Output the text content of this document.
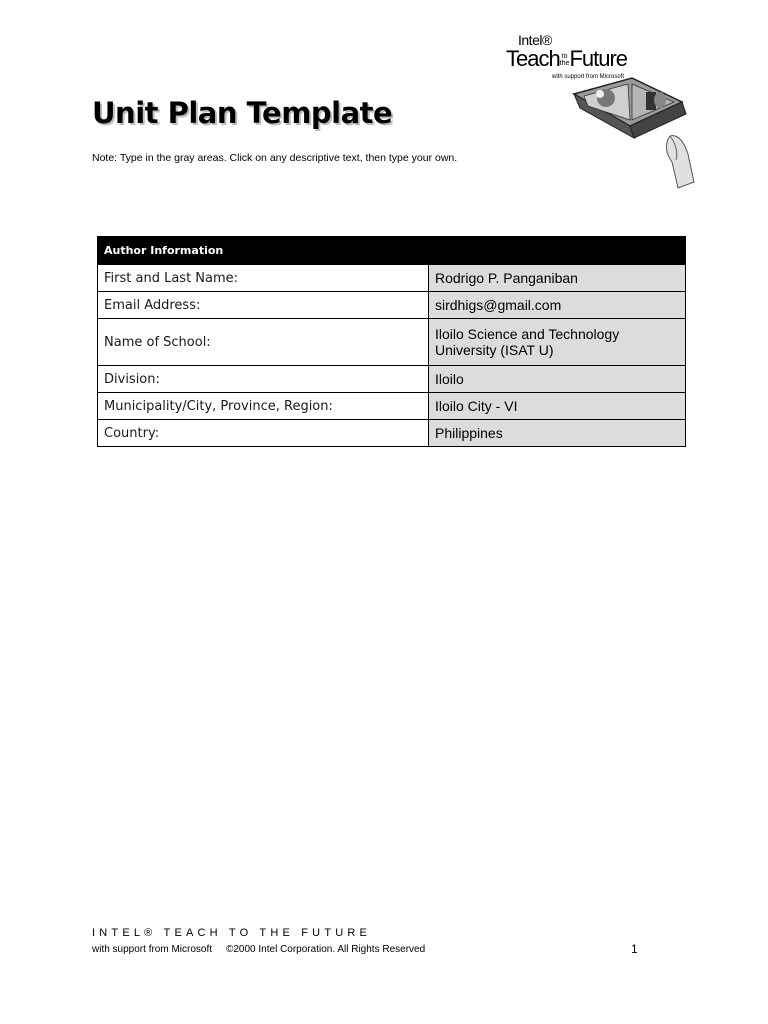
Intel®
Teach to
theFuture
with support from Microsoft
Unit Plan Template
Note: Type in the gray areas. Click on any descriptive text, then type your own.
Author Information	
First and Last Name:	Rodrigo P. Panganiban
Email Address:	sirdhigs@gmail.com
Name of School:	Iloilo Science and Technology University (ISAT U)
Division:	Iloilo
Municipality/City, Province, Region:	Iloilo City - VI
Country:	Philippines
INTEL® TEACH TO THE FUTURE
with support from Microsoft ©2000 Intel Corporation. All Rights Reserved	1
